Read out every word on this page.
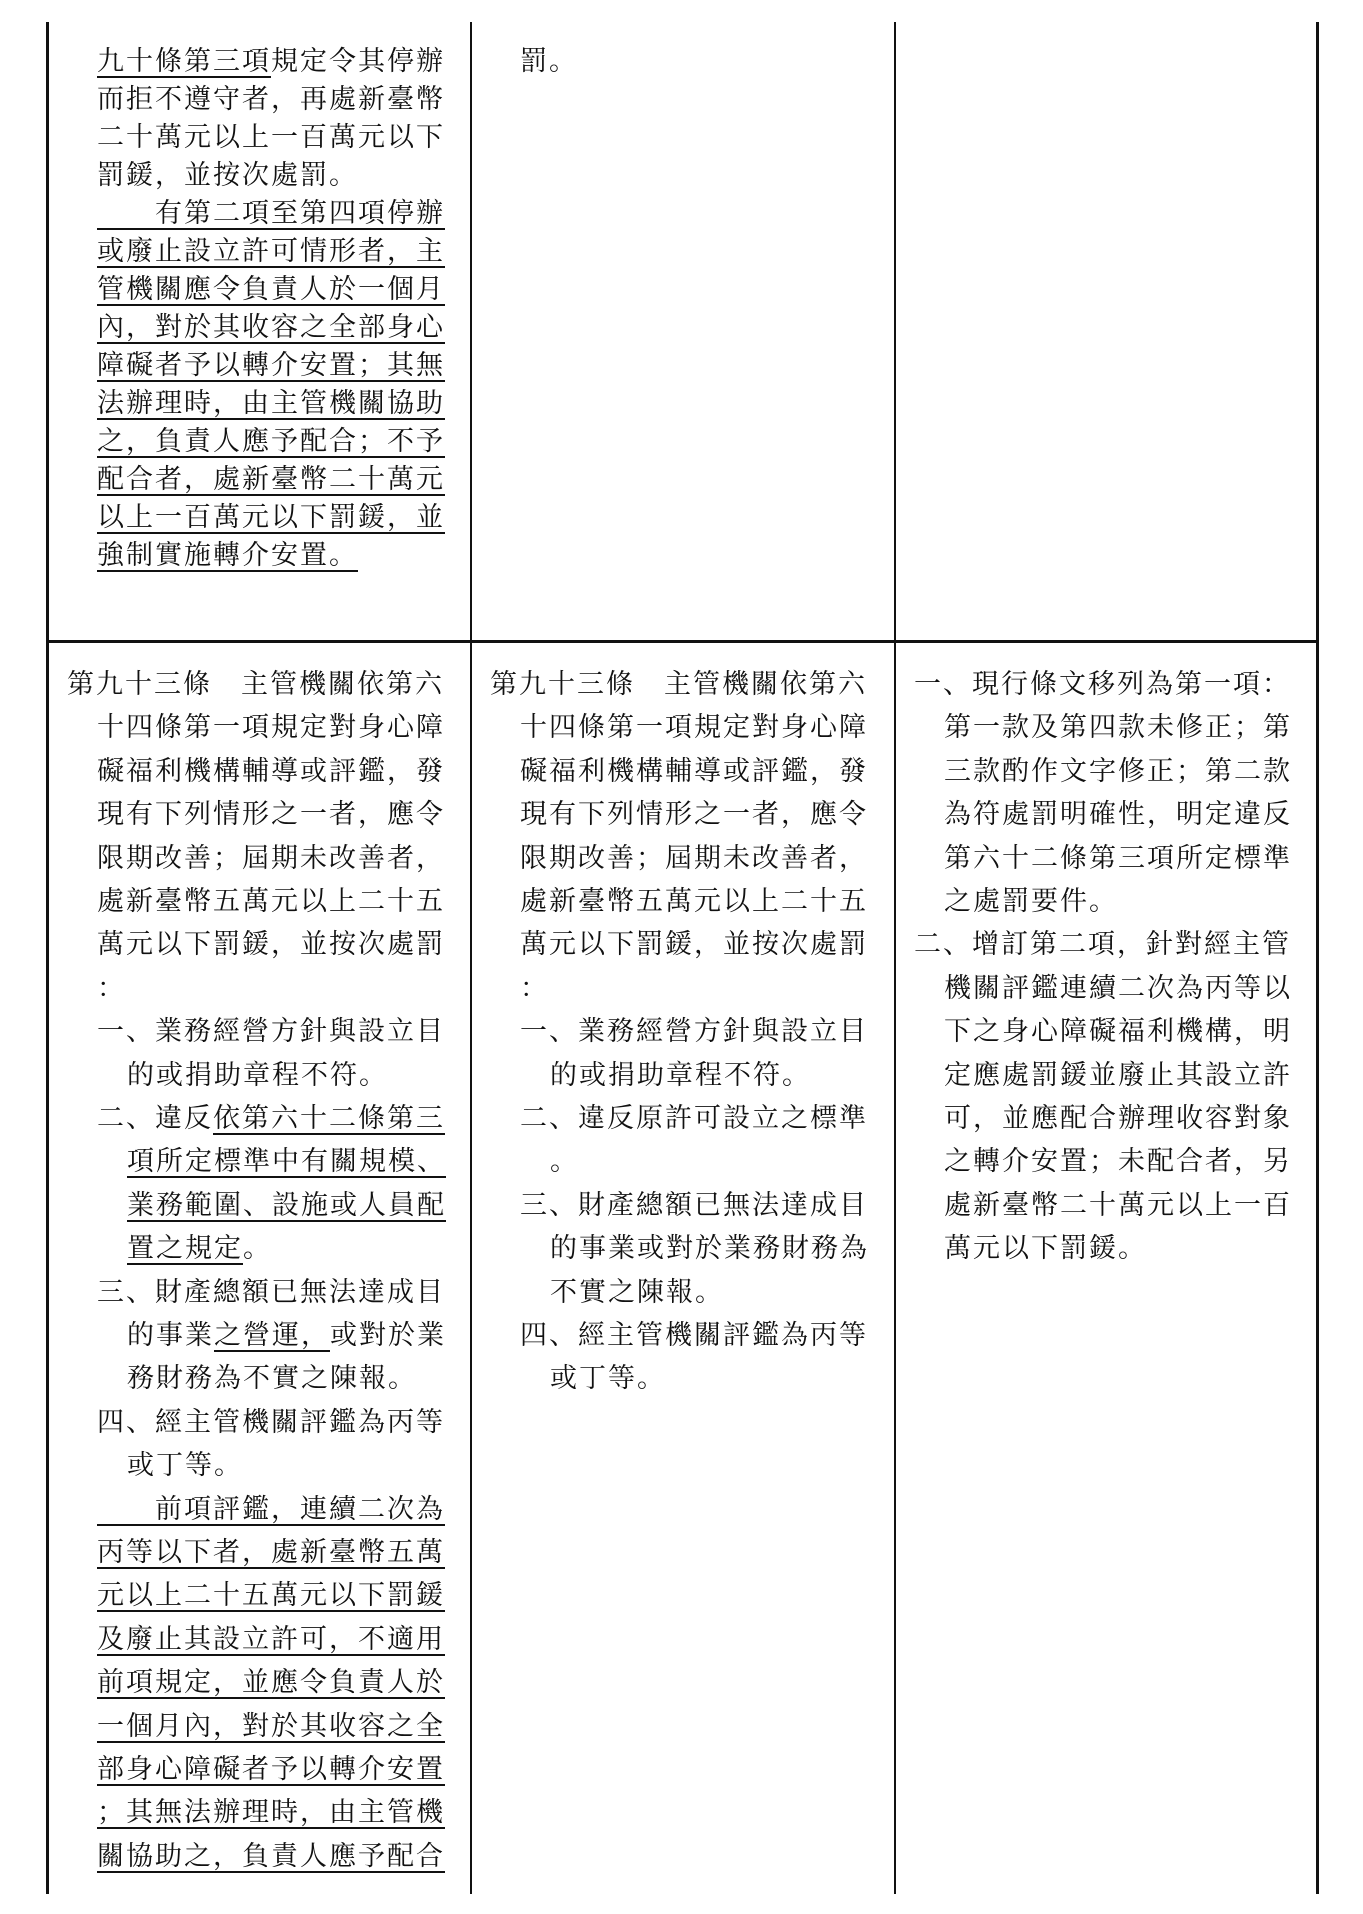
九十條第三項規定令其停辦
而拒不遵守者，再處新臺幣
二十萬元以上一百萬元以下
罰鍰，並按次處罰。
　　有第二項至第四項停辦
或廢止設立許可情形者，主
管機關應令負責人於一個月
內，對於其收容之全部身心
障礙者予以轉介安置；其無
法辦理時，由主管機關協助
之，負責人應予配合；不予
配合者，處新臺幣二十萬元
以上一百萬元以下罰鍰，並
強制實施轉介安置。
罰。
第九十三條　主管機關依第六
十四條第一項規定對身心障
礙福利機構輔導或評鑑，發
現有下列情形之一者，應令
限期改善；屆期未改善者，
處新臺幣五萬元以上二十五
萬元以下罰鍰，並按次處罰
：
一、業務經營方針與設立目
的或捐助章程不符。
二、違反依第六十二條第三
項所定標準中有關規模、
業務範圍、設施或人員配
置之規定。
三、財產總額已無法達成目
的事業之營運，或對於業
務財務為不實之陳報。
四、經主管機關評鑑為丙等
或丁等。
　　前項評鑑，連續二次為
丙等以下者，處新臺幣五萬
元以上二十五萬元以下罰鍰
及廢止其設立許可，不適用
前項規定，並應令負責人於
一個月內，對於其收容之全
部身心障礙者予以轉介安置
；其無法辦理時，由主管機
關協助之，負責人應予配合
第九十三條　主管機關依第六
十四條第一項規定對身心障
礙福利機構輔導或評鑑，發
現有下列情形之一者，應令
限期改善；屆期未改善者，
處新臺幣五萬元以上二十五
萬元以下罰鍰，並按次處罰
：
一、業務經營方針與設立目
的或捐助章程不符。
二、違反原許可設立之標準
。
三、財產總額已無法達成目
的事業或對於業務財務為
不實之陳報。
四、經主管機關評鑑為丙等
或丁等。
一、現行條文移列為第一項：
第一款及第四款未修正；第
三款酌作文字修正；第二款
為符處罰明確性，明定違反
第六十二條第三項所定標準
之處罰要件。
二、增訂第二項，針對經主管
機關評鑑連續二次為丙等以
下之身心障礙福利機構，明
定應處罰鍰並廢止其設立許
可，並應配合辦理收容對象
之轉介安置；未配合者，另
處新臺幣二十萬元以上一百
萬元以下罰鍰。
